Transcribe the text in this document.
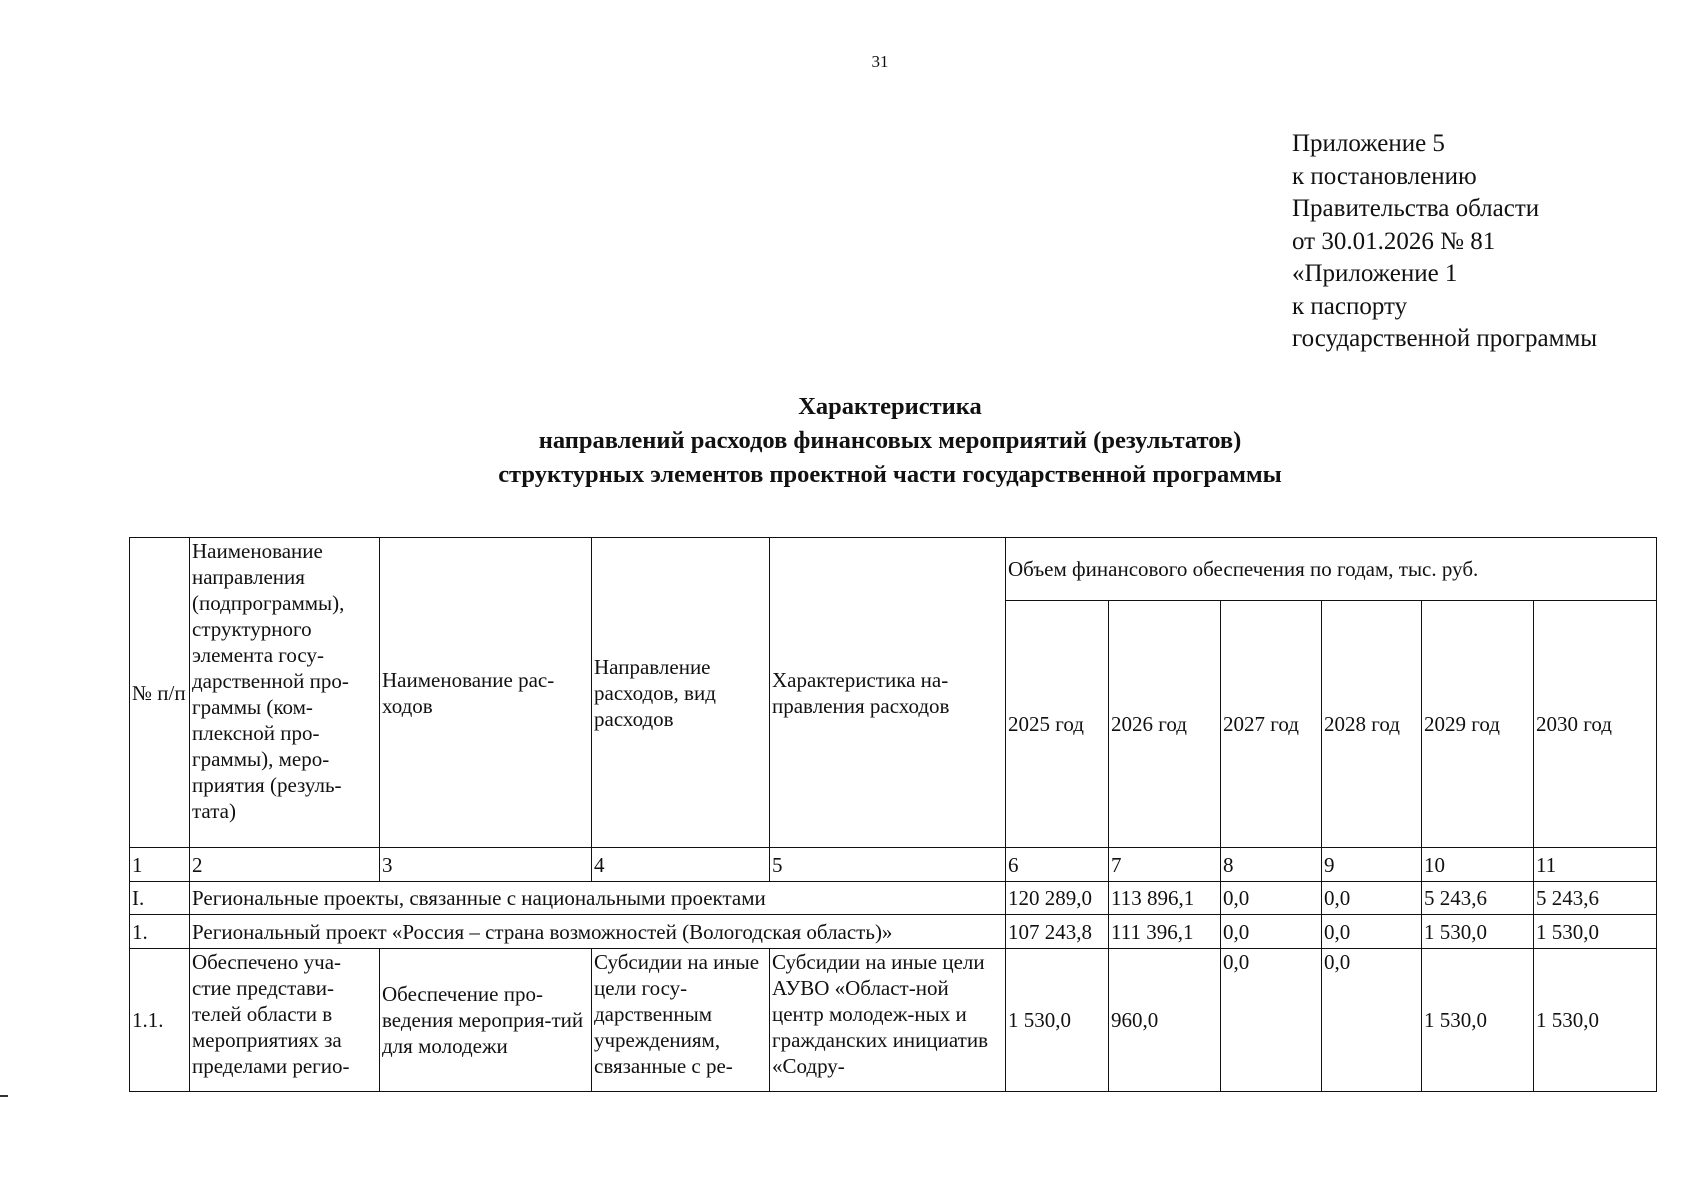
31
Приложение 5
к постановлению
Правительства области
от 30.01.2026 № 81
«Приложение 1
к паспорту
государственной программы
Характеристика
направлений расходов финансовых мероприятий (результатов)
структурных элементов проектной части государственной программы
№ п/п	Наименование направления (подпрограммы), структурного элемента госу-дарственной про-граммы (ком-плексной про-граммы), меро-приятия (резуль-тата)	Наименование рас-ходов	Направление расходов, вид расходов	Характеристика на-правления расходов	Объем финансового обеспечения по годам, тыс. руб.					
					2025 год	2026 год	2027 год	2028 год	2029 год	2030 год
1	2	3	4	5	6	7	8	9	10	11
I.	Региональные проекты, связанные с национальными проектами				120 289,0	113 896,1	0,0	0,0	5 243,6	5 243,6
1.	Региональный проект «Россия – страна возможностей (Вологодская область)»				107 243,8	111 396,1	0,0	0,0	1 530,0	1 530,0
1.1.	Обеспечено уча-стие представи-телей области в мероприятиях за пределами регио-	Обеспечение про-ведения мероприя-тий для молодежи	Субсидии на иные цели госу-дарственным учреждениям, связанные с ре-	Субсидии на иные цели АУВО «Област-ной центр молодеж-ных и гражданских инициатив «Содру-	1 530,0	960,0	0,0	0,0	1 530,0	1 530,0
